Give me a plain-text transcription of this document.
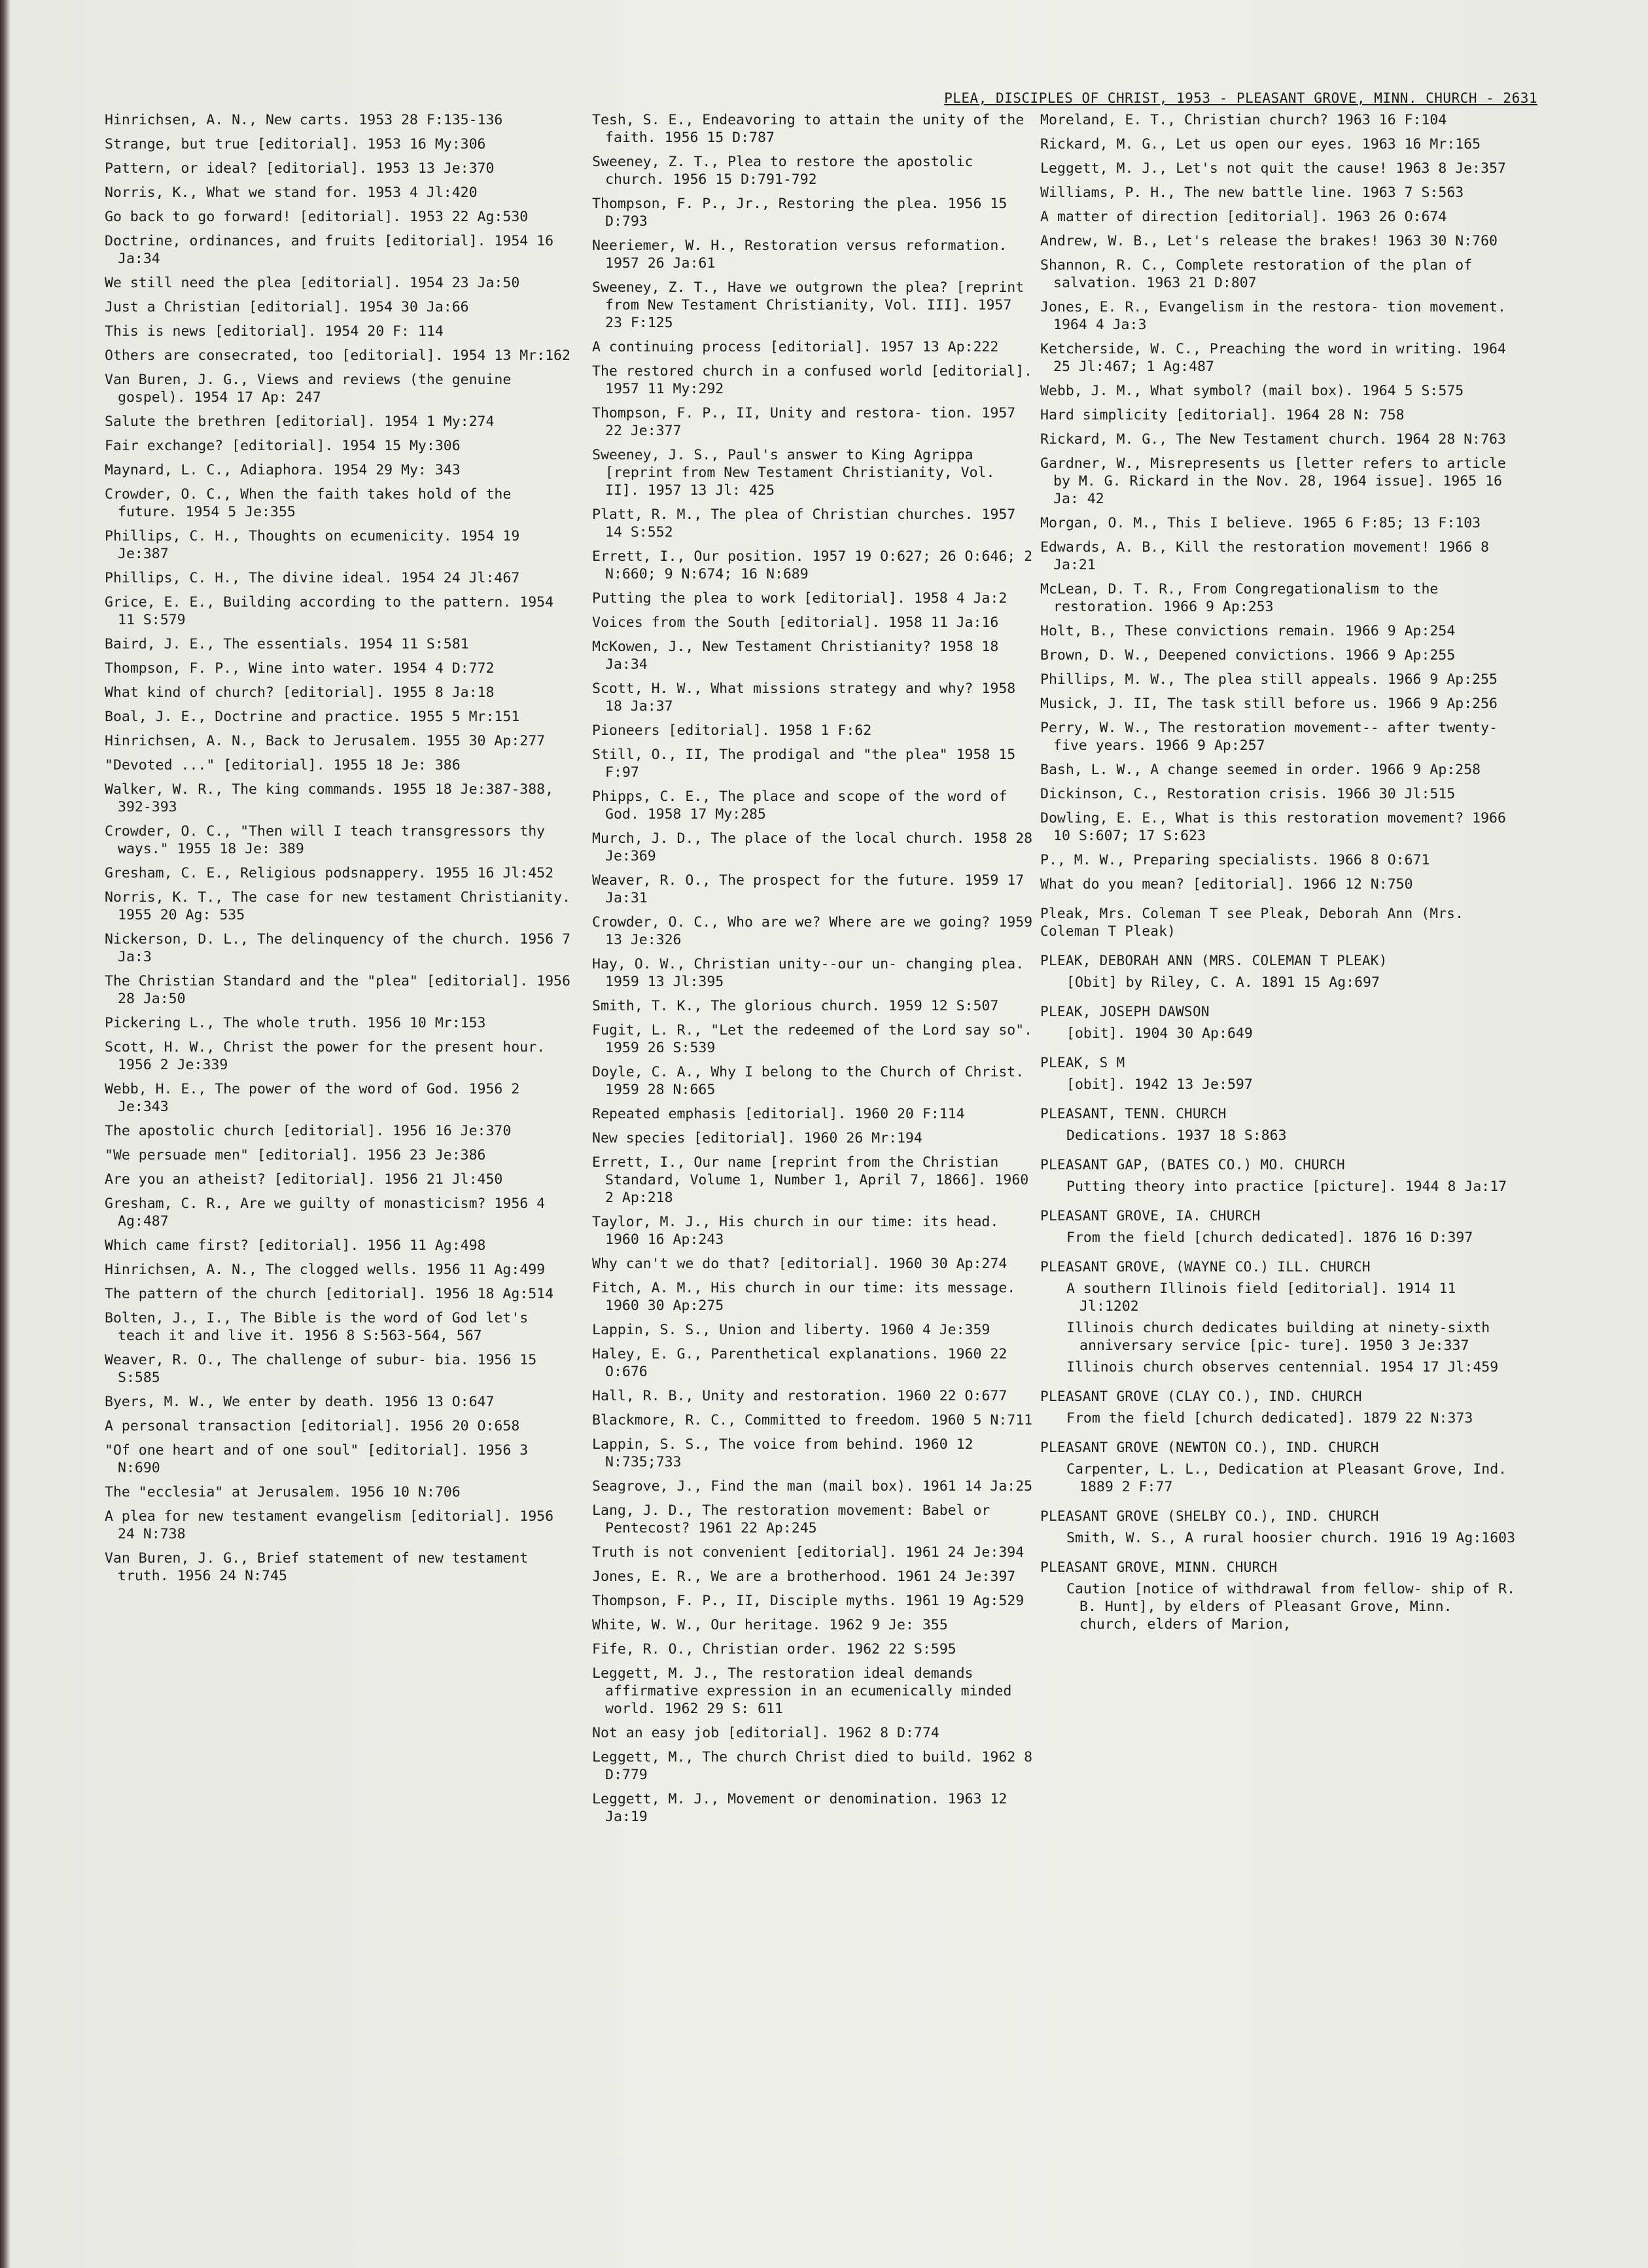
PLEA, DISCIPLES OF CHRIST, 1953 - PLEASANT GROVE, MINN. CHURCH - 2631
Hinrichsen, A. N., New carts. 1953 28 F:135-136
Strange, but true [editorial]. 1953 16 My:306
Pattern, or ideal? [editorial]. 1953 13 Je:370
Norris, K., What we stand for. 1953 4 Jl:420
Go back to go forward! [editorial]. 1953 22 Ag:530
Doctrine, ordinances, and fruits [editorial]. 1954 16 Ja:34
We still need the plea [editorial]. 1954 23 Ja:50
Just a Christian [editorial]. 1954 30 Ja:66
This is news [editorial]. 1954 20 F: 114
Others are consecrated, too [editorial]. 1954 13 Mr:162
Van Buren, J. G., Views and reviews (the genuine gospel). 1954 17 Ap: 247
Salute the brethren [editorial]. 1954 1 My:274
Fair exchange? [editorial]. 1954 15 My:306
Maynard, L. C., Adiaphora. 1954 29 My: 343
Crowder, O. C., When the faith takes hold of the future. 1954 5 Je:355
Phillips, C. H., Thoughts on ecumenicity. 1954 19 Je:387
Phillips, C. H., The divine ideal. 1954 24 Jl:467
Grice, E. E., Building according to the pattern. 1954 11 S:579
Baird, J. E., The essentials. 1954 11 S:581
Thompson, F. P., Wine into water. 1954 4 D:772
What kind of church? [editorial]. 1955 8 Ja:18
Boal, J. E., Doctrine and practice. 1955 5 Mr:151
Hinrichsen, A. N., Back to Jerusalem. 1955 30 Ap:277
"Devoted ..." [editorial]. 1955 18 Je: 386
Walker, W. R., The king commands. 1955 18 Je:387-388, 392-393
Crowder, O. C., "Then will I teach transgressors thy ways." 1955 18 Je: 389
Gresham, C. E., Religious podsnappery. 1955 16 Jl:452
Norris, K. T., The case for new testament Christianity. 1955 20 Ag: 535
Nickerson, D. L., The delinquency of the church. 1956 7 Ja:3
The Christian Standard and the "plea" [editorial]. 1956 28 Ja:50
Pickering L., The whole truth. 1956 10 Mr:153
Scott, H. W., Christ the power for the present hour. 1956 2 Je:339
Webb, H. E., The power of the word of God. 1956 2 Je:343
The apostolic church [editorial]. 1956 16 Je:370
"We persuade men" [editorial]. 1956 23 Je:386
Are you an atheist? [editorial]. 1956 21 Jl:450
Gresham, C. R., Are we guilty of monasticism? 1956 4 Ag:487
Which came first? [editorial]. 1956 11 Ag:498
Hinrichsen, A. N., The clogged wells. 1956 11 Ag:499
The pattern of the church [editorial]. 1956 18 Ag:514
Bolten, J., I., The Bible is the word of God let's teach it and live it. 1956 8 S:563-564, 567
Weaver, R. O., The challenge of subur- bia. 1956 15 S:585
Byers, M. W., We enter by death. 1956 13 O:647
A personal transaction [editorial]. 1956 20 O:658
"Of one heart and of one soul" [editorial]. 1956 3 N:690
The "ecclesia" at Jerusalem. 1956 10 N:706
A plea for new testament evangelism [editorial]. 1956 24 N:738
Van Buren, J. G., Brief statement of new testament truth. 1956 24 N:745
Tesh, S. E., Endeavoring to attain the unity of the faith. 1956 15 D:787
Sweeney, Z. T., Plea to restore the apostolic church. 1956 15 D:791-792
Thompson, F. P., Jr., Restoring the plea. 1956 15 D:793
Neeriemer, W. H., Restoration versus reformation. 1957 26 Ja:61
Sweeney, Z. T., Have we outgrown the plea? [reprint from New Testament Christianity, Vol. III]. 1957 23 F:125
A continuing process [editorial]. 1957 13 Ap:222
The restored church in a confused world [editorial]. 1957 11 My:292
Thompson, F. P., II, Unity and restora- tion. 1957 22 Je:377
Sweeney, J. S., Paul's answer to King Agrippa [reprint from New Testament Christianity, Vol. II]. 1957 13 Jl: 425
Platt, R. M., The plea of Christian churches. 1957 14 S:552
Errett, I., Our position. 1957 19 O:627; 26 O:646; 2 N:660; 9 N:674; 16 N:689
Putting the plea to work [editorial]. 1958 4 Ja:2
Voices from the South [editorial]. 1958 11 Ja:16
McKowen, J., New Testament Christianity? 1958 18 Ja:34
Scott, H. W., What missions strategy and why? 1958 18 Ja:37
Pioneers [editorial]. 1958 1 F:62
Still, O., II, The prodigal and "the plea" 1958 15 F:97
Phipps, C. E., The place and scope of the word of God. 1958 17 My:285
Murch, J. D., The place of the local church. 1958 28 Je:369
Weaver, R. O., The prospect for the future. 1959 17 Ja:31
Crowder, O. C., Who are we? Where are we going? 1959 13 Je:326
Hay, O. W., Christian unity--our un- changing plea. 1959 13 Jl:395
Smith, T. K., The glorious church. 1959 12 S:507
Fugit, L. R., "Let the redeemed of the Lord say so". 1959 26 S:539
Doyle, C. A., Why I belong to the Church of Christ. 1959 28 N:665
Repeated emphasis [editorial]. 1960 20 F:114
New species [editorial]. 1960 26 Mr:194
Errett, I., Our name [reprint from the Christian Standard, Volume 1, Number 1, April 7, 1866]. 1960 2 Ap:218
Taylor, M. J., His church in our time: its head. 1960 16 Ap:243
Why can't we do that? [editorial]. 1960 30 Ap:274
Fitch, A. M., His church in our time: its message. 1960 30 Ap:275
Lappin, S. S., Union and liberty. 1960 4 Je:359
Haley, E. G., Parenthetical explanations. 1960 22 O:676
Hall, R. B., Unity and restoration. 1960 22 O:677
Blackmore, R. C., Committed to freedom. 1960 5 N:711
Lappin, S. S., The voice from behind. 1960 12 N:735;733
Seagrove, J., Find the man (mail box). 1961 14 Ja:25
Lang, J. D., The restoration movement: Babel or Pentecost? 1961 22 Ap:245
Truth is not convenient [editorial]. 1961 24 Je:394
Jones, E. R., We are a brotherhood. 1961 24 Je:397
Thompson, F. P., II, Disciple myths. 1961 19 Ag:529
White, W. W., Our heritage. 1962 9 Je: 355
Fife, R. O., Christian order. 1962 22 S:595
Leggett, M. J., The restoration ideal demands affirmative expression in an ecumenically minded world. 1962 29 S: 611
Not an easy job [editorial]. 1962 8 D:774
Leggett, M., The church Christ died to build. 1962 8 D:779
Leggett, M. J., Movement or denomination. 1963 12 Ja:19
Moreland, E. T., Christian church? 1963 16 F:104
Rickard, M. G., Let us open our eyes. 1963 16 Mr:165
Leggett, M. J., Let's not quit the cause! 1963 8 Je:357
Williams, P. H., The new battle line. 1963 7 S:563
A matter of direction [editorial]. 1963 26 O:674
Andrew, W. B., Let's release the brakes! 1963 30 N:760
Shannon, R. C., Complete restoration of the plan of salvation. 1963 21 D:807
Jones, E. R., Evangelism in the restora- tion movement. 1964 4 Ja:3
Ketcherside, W. C., Preaching the word in writing. 1964 25 Jl:467; 1 Ag:487
Webb, J. M., What symbol? (mail box). 1964 5 S:575
Hard simplicity [editorial]. 1964 28 N: 758
Rickard, M. G., The New Testament church. 1964 28 N:763
Gardner, W., Misrepresents us [letter refers to article by M. G. Rickard in the Nov. 28, 1964 issue]. 1965 16 Ja: 42
Morgan, O. M., This I believe. 1965 6 F:85; 13 F:103
Edwards, A. B., Kill the restoration movement! 1966 8 Ja:21
McLean, D. T. R., From Congregationalism to the restoration. 1966 9 Ap:253
Holt, B., These convictions remain. 1966 9 Ap:254
Brown, D. W., Deepened convictions. 1966 9 Ap:255
Phillips, M. W., The plea still appeals. 1966 9 Ap:255
Musick, J. II, The task still before us. 1966 9 Ap:256
Perry, W. W., The restoration movement-- after twenty-five years. 1966 9 Ap:257
Bash, L. W., A change seemed in order. 1966 9 Ap:258
Dickinson, C., Restoration crisis. 1966 30 Jl:515
Dowling, E. E., What is this restoration movement? 1966 10 S:607; 17 S:623
P., M. W., Preparing specialists. 1966 8 O:671
What do you mean? [editorial]. 1966 12 N:750
Pleak, Mrs. Coleman T see Pleak, Deborah Ann (Mrs. Coleman T Pleak)
PLEAK, DEBORAH ANN (MRS. COLEMAN T PLEAK)
[Obit] by Riley, C. A. 1891 15 Ag:697
PLEAK, JOSEPH DAWSON
[obit]. 1904 30 Ap:649
PLEAK, S M
[obit]. 1942 13 Je:597
PLEASANT, TENN. CHURCH
Dedications. 1937 18 S:863
PLEASANT GAP, (BATES CO.) MO. CHURCH
Putting theory into practice [picture]. 1944 8 Ja:17
PLEASANT GROVE, IA. CHURCH
From the field [church dedicated]. 1876 16 D:397
PLEASANT GROVE, (WAYNE CO.) ILL. CHURCH
A southern Illinois field [editorial]. 1914 11 Jl:1202
Illinois church dedicates building at ninety-sixth anniversary service [pic- ture]. 1950 3 Je:337
Illinois church observes centennial. 1954 17 Jl:459
PLEASANT GROVE (CLAY CO.), IND. CHURCH
From the field [church dedicated]. 1879 22 N:373
PLEASANT GROVE (NEWTON CO.), IND. CHURCH
Carpenter, L. L., Dedication at Pleasant Grove, Ind. 1889 2 F:77
PLEASANT GROVE (SHELBY CO.), IND. CHURCH
Smith, W. S., A rural hoosier church. 1916 19 Ag:1603
PLEASANT GROVE, MINN. CHURCH
Caution [notice of withdrawal from fellow- ship of R. B. Hunt], by elders of Pleasant Grove, Minn. church, elders of Marion,
